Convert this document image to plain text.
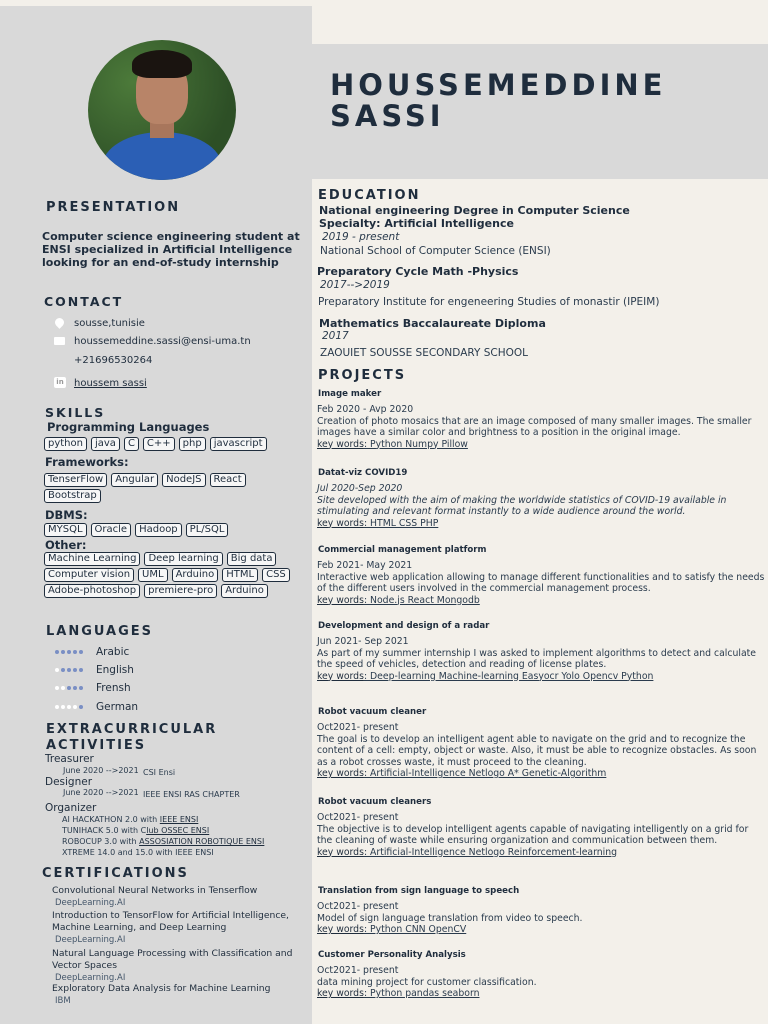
HOUSSEMEDDINE
SASSI
PRESENTATION
Computer science engineering student at ENSI specialized in Artificial Intelligence looking for an end-of-study internship
CONTACT
sousse,tunisie
houssemeddine.sassi@ensi-uma.tn
+21696530264
in houssem sassi
SKILLS
Programming Languages
python	java	C	C++	php	javascript
Frameworks:
TenserFlow	Angular	NodeJS	React
Bootstrap
DBMS:
MYSQL	Oracle	Hadoop	PL/SQL
Other:
Machine Learning	Deep learning	Big data
Computer vision	UML	Arduino	HTML	CSS
Adobe-photoshop	premiere-pro	Arduino
LANGUAGES
Arabic
English
Frensh
German
EXTRACURRICULAR
ACTIVITIES
Treasurer
June 2020 -->2021 CSI Ensi
Designer
June 2020 -->2021 IEEE ENSI RAS CHAPTER
Organizer
AI HACKATHON 2.0 with IEEE ENSI
TUNIHACK 5.0 with Club OSSEC ENSI
ROBOCUP 3.0 with ASSOSIATION ROBOTIQUE ENSI
XTREME 14.0 and 15.0 with IEEE ENSI
CERTIFICATIONS
Convolutional Neural Networks in Tenserflow
DeepLearning.AI
Introduction to TensorFlow for Artificial Intelligence, Machine Learning, and Deep Learning
DeepLearning.AI
Natural Language Processing with Classification and Vector Spaces
DeepLearning.AI
Exploratory Data Analysis for Machine Learning
IBM
EDUCATION
National engineering Degree in Computer Science
Specialty: Artificial Intelligence
2019 - present
National School of Computer Science (ENSI)
Preparatory Cycle Math -Physics
2017-->2019
Preparatory Institute for engeneering Studies of monastir (IPEIM)
Mathematics Baccalaureate Diploma
2017
ZAOUIET SOUSSE SECONDARY SCHOOL
PROJECTS
Image maker
Feb 2020 - Avp 2020
Creation of photo mosaics that are an image composed of many smaller images. The smaller images have a similar color and brightness to a position in the original image.
key words: Python Numpy Pillow
Datat-viz COVID19
Jul 2020-Sep 2020
Site developed with the aim of making the worldwide statistics of COVID-19 available in stimulating and relevant format instantly to a wide audience around the world.
key words: HTML CSS PHP
Commercial management platform
Feb 2021- May 2021
Interactive web application allowing to manage different functionalities and to satisfy the needs of the different users involved in the commercial management process.
key words: Node.js React Mongodb
Development and design of a radar
Jun 2021- Sep 2021
As part of my summer internship I was asked to implement algorithms to detect and calculate the speed of vehicles, detection and reading of license plates.
key words: Deep-learning Machine-learning Easyocr Yolo Opencv Python
Robot vacuum cleaner
Oct2021- present
The goal is to develop an intelligent agent able to navigate on the grid and to recognize the content of a cell: empty, object or waste. Also, it must be able to recognize obstacles. As soon as a robot crosses waste, it must proceed to the cleaning.
key words: Artificial-Intelligence Netlogo A* Genetic-Algorithm
Robot vacuum cleaners
Oct2021- present
The objective is to develop intelligent agents capable of navigating intelligently on a grid for the cleaning of waste while ensuring organization and communication between them.
key words: Artificial-Intelligence Netlogo Reinforcement-learning
Translation from sign language to speech
Oct2021- present
Model of sign language translation from video to speech.
key words: Python CNN OpenCV
Customer Personality Analysis
Oct2021- present
data mining project for customer classification.
key words: Python pandas seaborn
